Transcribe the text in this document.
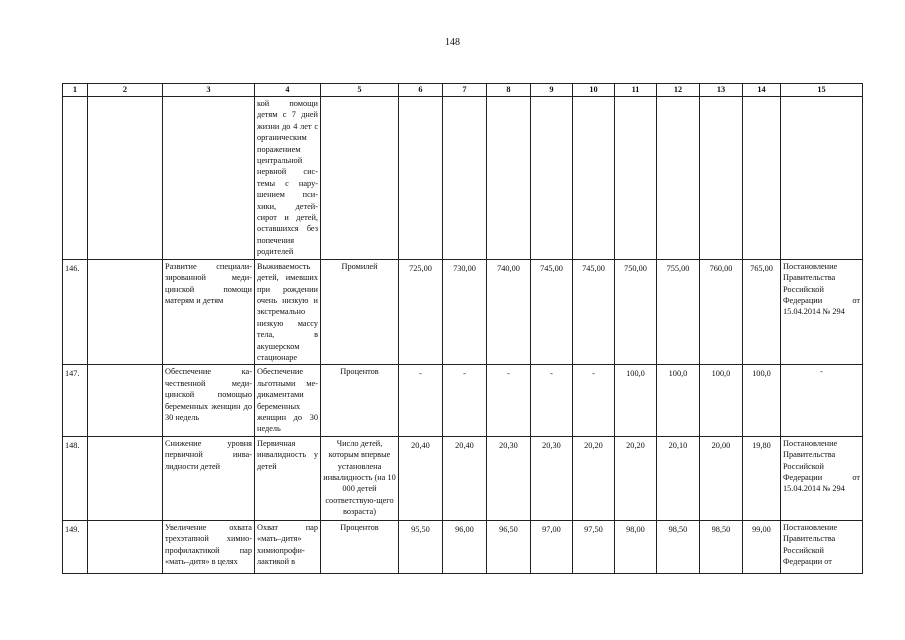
148
1	2	3	4	5	6	7	8	9	10	11	12	13	14	15
			кой помощи детям с 7 дней жизни до 4 лет с органическим поражением центральной нервной сис-темы с нару-шением пси-хики, детей-сирот и детей, оставшихся без попечения родителей											
146.		Развитие специали-зированной меди-цинской помощи матерям и детям	Выживаемость детей, имевших при рождении очень низкую и экстремально низкую массу тела, в акушерском стационаре	Промилей	725,00	730,00	740,00	745,00	745,00	750,00	755,00	760,00	765,00	Постановление Правительства Российской Федерации от 15.04.2014 № 294
147.		Обеспечение ка-чественной меди-цинской помощью беременных женщин до 30 недель	Обеспечение льготными ме-дикаментами беременных женщин до 30 недель	Процентов	-	-	-	-	-	100,0	100,0	100,0	100,0	-
148.		Снижение уровня первичной инва-лидности детей	Первичная инвалидность у детей	Число детей, которым впервые установлена инвалидность (на 10 000 детей соответствую-щего возраста)	20,40	20,40	20,30	20,30	20,20	20,20	20,10	20,00	19,80	Постановление Правительства Российской Федерации от 15.04.2014 № 294
149.		Увеличение охвата трехэтапной химио-профилактикой пар «мать–дитя» в целях	Охват пар «мать–дитя» химиопрофи-лактикой в	Процентов	95,50	96,00	96,50	97,00	97,50	98,00	98,50	98,50	99,00	Постановление Правительства Российской Федерации от
